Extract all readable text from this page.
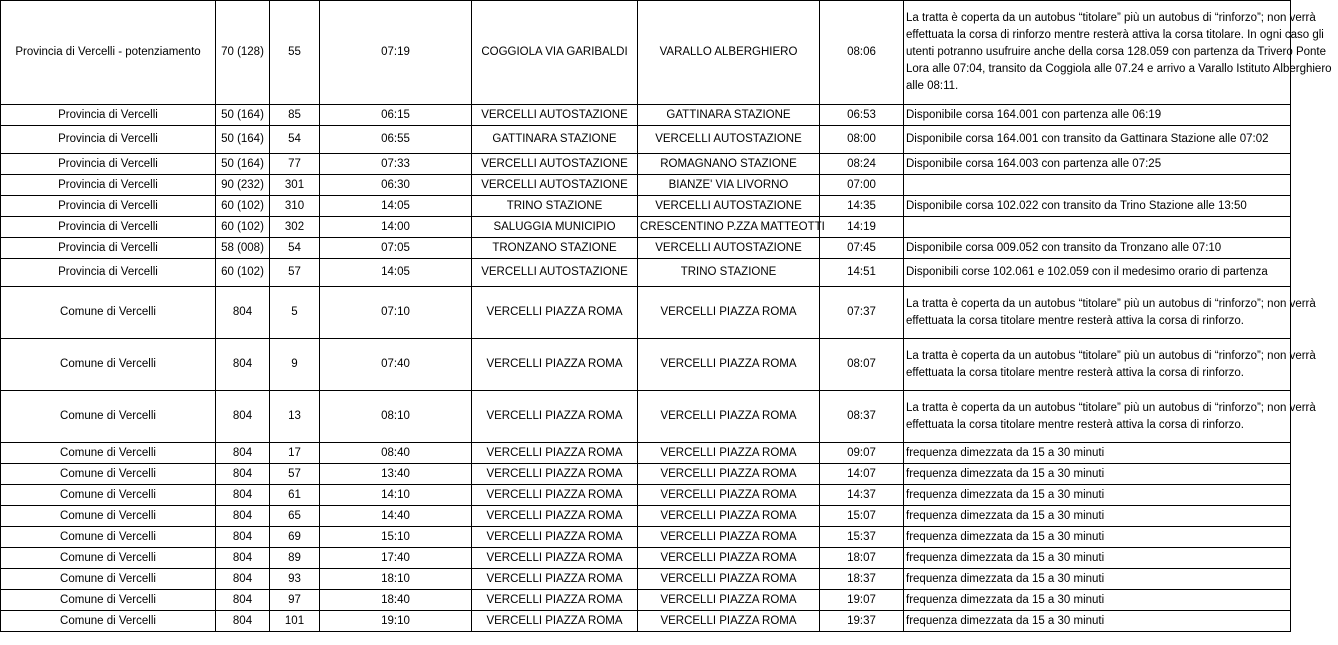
Provincia di Vercelli - potenziamento	70 (128)	55	07:19	COGGIOLA VIA GARIBALDI	VARALLO ALBERGHIERO	08:06	La tratta è coperta da un autobus “titolare” più un autobus di “rinforzo”; non verrà effettuata la corsa di rinforzo mentre resterà attiva la corsa titolare. In ogni caso gli utenti potranno usufruire anche della corsa 128.059 con partenza da Trivero Ponte Lora alle 07:04, transito da Coggiola alle 07.24 e arrivo a Varallo Istituto Alberghiero alle 08:11.

Provincia di Vercelli	50 (164)	85	06:15	VERCELLI AUTOSTAZIONE	GATTINARA STAZIONE	06:53	Disponibile corsa 164.001 con partenza alle 06:19

Provincia di Vercelli	50 (164)	54	06:55	GATTINARA STAZIONE	VERCELLI AUTOSTAZIONE	08:00	Disponibile corsa 164.001 con transito da Gattinara Stazione alle 07:02

Provincia di Vercelli	50 (164)	77	07:33	VERCELLI AUTOSTAZIONE	ROMAGNANO STAZIONE	08:24	Disponibile corsa 164.003 con partenza alle 07:25

Provincia di Vercelli	90 (232)	301	06:30	VERCELLI AUTOSTAZIONE	BIANZE' VIA LIVORNO	07:00	

Provincia di Vercelli	60 (102)	310	14:05	TRINO STAZIONE	VERCELLI AUTOSTAZIONE	14:35	Disponibile corsa 102.022 con transito da Trino Stazione alle 13:50

Provincia di Vercelli	60 (102)	302	14:00	SALUGGIA MUNICIPIO	CRESCENTINO P.ZZA MATTEOTTI	14:19	

Provincia di Vercelli	58 (008)	54	07:05	TRONZANO STAZIONE	VERCELLI AUTOSTAZIONE	07:45	Disponibile corsa 009.052 con transito da Tronzano alle 07:10

Provincia di Vercelli	60 (102)	57	14:05	VERCELLI AUTOSTAZIONE	TRINO STAZIONE	14:51	Disponibili corse 102.061 e 102.059 con il medesimo orario di partenza

Comune di Vercelli	804	5	07:10	VERCELLI PIAZZA ROMA	VERCELLI PIAZZA ROMA	07:37	La tratta è coperta da un autobus “titolare” più un autobus di “rinforzo”; non verrà effettuata la corsa titolare mentre resterà attiva la corsa di rinforzo.

Comune di Vercelli	804	9	07:40	VERCELLI PIAZZA ROMA	VERCELLI PIAZZA ROMA	08:07	La tratta è coperta da un autobus “titolare” più un autobus di “rinforzo”; non verrà effettuata la corsa titolare mentre resterà attiva la corsa di rinforzo.

Comune di Vercelli	804	13	08:10	VERCELLI PIAZZA ROMA	VERCELLI PIAZZA ROMA	08:37	La tratta è coperta da un autobus “titolare” più un autobus di “rinforzo”; non verrà effettuata la corsa titolare mentre resterà attiva la corsa di rinforzo.

Comune di Vercelli	804	17	08:40	VERCELLI PIAZZA ROMA	VERCELLI PIAZZA ROMA	09:07	frequenza dimezzata da 15 a 30 minuti

Comune di Vercelli	804	57	13:40	VERCELLI PIAZZA ROMA	VERCELLI PIAZZA ROMA	14:07	frequenza dimezzata da 15 a 30 minuti

Comune di Vercelli	804	61	14:10	VERCELLI PIAZZA ROMA	VERCELLI PIAZZA ROMA	14:37	frequenza dimezzata da 15 a 30 minuti

Comune di Vercelli	804	65	14:40	VERCELLI PIAZZA ROMA	VERCELLI PIAZZA ROMA	15:07	frequenza dimezzata da 15 a 30 minuti

Comune di Vercelli	804	69	15:10	VERCELLI PIAZZA ROMA	VERCELLI PIAZZA ROMA	15:37	frequenza dimezzata da 15 a 30 minuti

Comune di Vercelli	804	89	17:40	VERCELLI PIAZZA ROMA	VERCELLI PIAZZA ROMA	18:07	frequenza dimezzata da 15 a 30 minuti

Comune di Vercelli	804	93	18:10	VERCELLI PIAZZA ROMA	VERCELLI PIAZZA ROMA	18:37	frequenza dimezzata da 15 a 30 minuti

Comune di Vercelli	804	97	18:40	VERCELLI PIAZZA ROMA	VERCELLI PIAZZA ROMA	19:07	frequenza dimezzata da 15 a 30 minuti

Comune di Vercelli	804	101	19:10	VERCELLI PIAZZA ROMA	VERCELLI PIAZZA ROMA	19:37	frequenza dimezzata da 15 a 30 minuti
